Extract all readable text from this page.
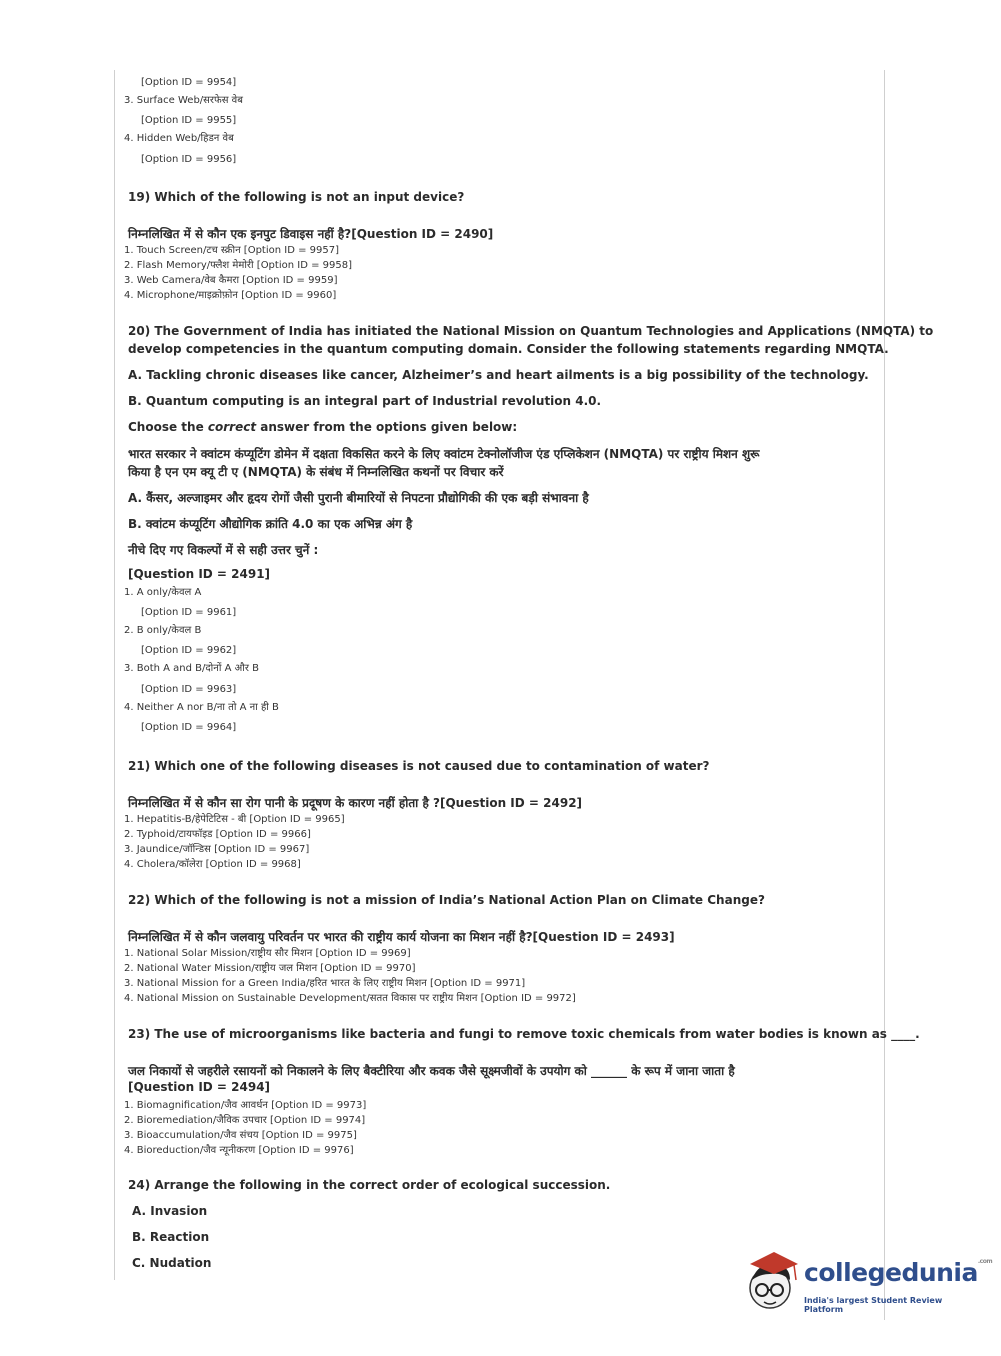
[Option ID = 9954]
3. Surface Web/सरफेस वेब
[Option ID = 9955]
4. Hidden Web/हिडन वेब
[Option ID = 9956]
19) Which of the following is not an input device?
निम्नलिखित में से कौन एक इनपुट डिवाइस नहीं है?[Question ID = 2490]
1. Touch Screen/टच स्क्रीन [Option ID = 9957]
2. Flash Memory/फ्लैश मेमोरी [Option ID = 9958]
3. Web Camera/वेब कैमरा [Option ID = 9959]
4. Microphone/माइक्रोफ़ोन [Option ID = 9960]
20) The Government of India has initiated the National Mission on Quantum Technologies and Applications (NMQTA) to
develop competencies in the quantum computing domain. Consider the following statements regarding NMQTA.
A. Tackling chronic diseases like cancer, Alzheimer’s and heart ailments is a big possibility of the technology.
B. Quantum computing is an integral part of Industrial revolution 4.0.
Choose the correct answer from the options given below:
भारत सरकार ने क्वांटम कंप्यूटिंग डोमेन में दक्षता विकसित करने के लिए क्वांटम टेक्नोलॉजीज एंड एप्लिकेशन (NMQTA) पर राष्ट्रीय मिशन शुरू
किया है एन एम क्यू टी ए (NMQTA) के संबंध में निम्नलिखित कथनों पर विचार करें
A. कैंसर, अल्जाइमर और हृदय रोगों जैसी पुरानी बीमारियों से निपटना प्रौद्योगिकी की एक बड़ी संभावना है
B. क्वांटम कंप्यूटिंग औद्योगिक क्रांति 4.0 का एक अभिन्न अंग है
नीचे दिए गए विकल्पों में से सही उत्तर चुनें :
[Question ID = 2491]
1. A only/केवल A
[Option ID = 9961]
2. B only/केवल B
[Option ID = 9962]
3. Both A and B/दोनों A और B
[Option ID = 9963]
4. Neither A nor B/ना तो A ना ही B
[Option ID = 9964]
21) Which one of the following diseases is not caused due to contamination of water?
निम्नलिखित में से कौन सा रोग पानी के प्रदूषण के कारण नहीं होता है ?[Question ID = 2492]
1. Hepatitis-B/हेपेटिटिस - बी [Option ID = 9965]
2. Typhoid/टायफॉइड [Option ID = 9966]
3. Jaundice/जॉन्डिस [Option ID = 9967]
4. Cholera/कॉलेरा [Option ID = 9968]
22) Which of the following is not a mission of India’s National Action Plan on Climate Change?
निम्नलिखित में से कौन जलवायु परिवर्तन पर भारत की राष्ट्रीय कार्य योजना का मिशन नहीं है?[Question ID = 2493]
1. National Solar Mission/राष्ट्रीय सौर मिशन [Option ID = 9969]
2. National Water Mission/राष्ट्रीय जल मिशन [Option ID = 9970]
3. National Mission for a Green India/हरित भारत के लिए राष्ट्रीय मिशन [Option ID = 9971]
4. National Mission on Sustainable Development/सतत विकास पर राष्ट्रीय मिशन [Option ID = 9972]
23) The use of microorganisms like bacteria and fungi to remove toxic chemicals from water bodies is known as ____.
जल निकायों से जहरीले रसायनों को निकालने के लिए बैक्टीरिया और कवक जैसे सूक्ष्मजीवों के उपयोग को ______ के रूप में जाना जाता है
[Question ID = 2494]
1. Biomagnification/जैव आवर्धन [Option ID = 9973]
2. Bioremediation/जैविक उपचार [Option ID = 9974]
3. Bioaccumulation/जैव संचय [Option ID = 9975]
4. Bioreduction/जैव न्यूनीकरण [Option ID = 9976]
24) Arrange the following in the correct order of ecological succession.
A. Invasion
B. Reaction
C. Nudation	collegedunia$^{.com}$
India's largest Student Review Platform
